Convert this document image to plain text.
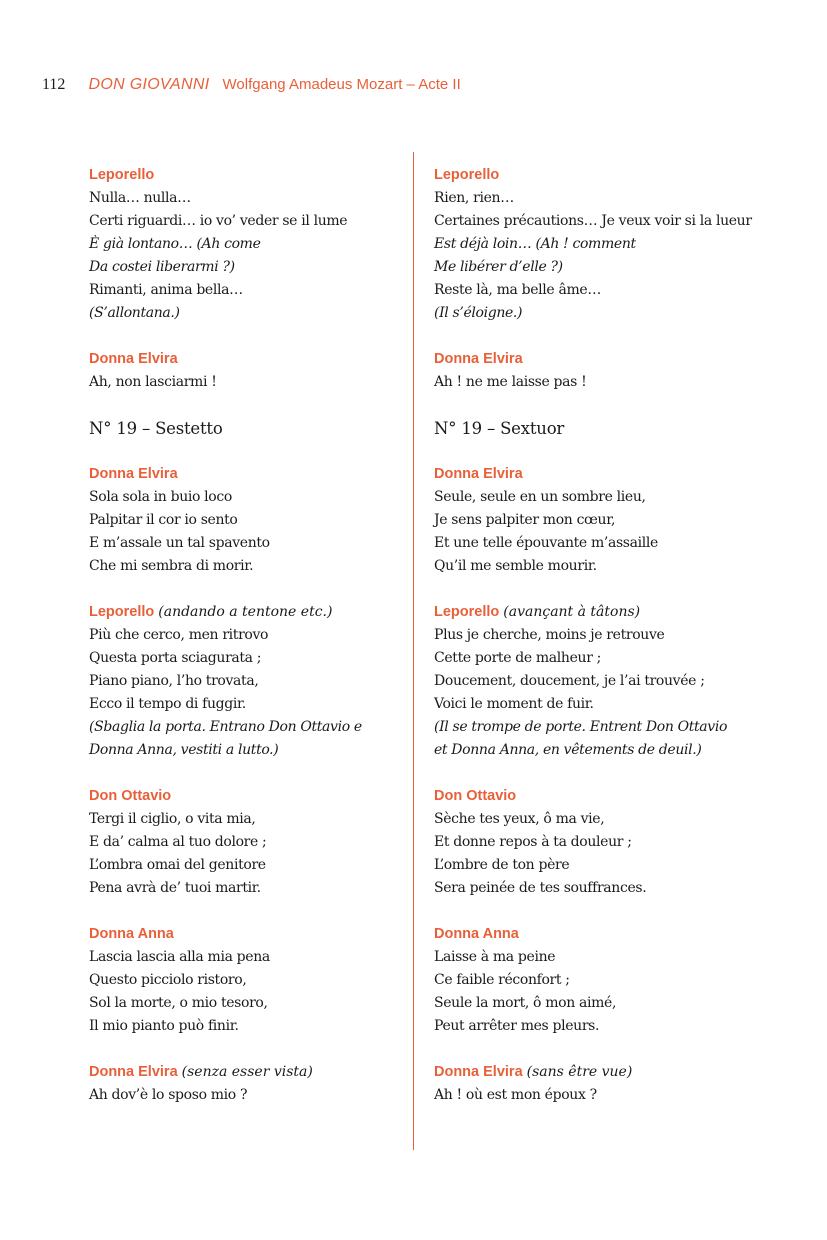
112 DON GIOVANNI Wolfgang Amadeus Mozart – Acte II
Leporello
Nulla… nulla…
Certi riguardi… io vo’ veder se il lume
È già lontano… (Ah come
Da costei liberarmi ?)
Rimanti, anima bella…
(S’allontana.)
Donna Elvira
Ah, non lasciarmi !
N° 19 – Sestetto
Donna Elvira
Sola sola in buio loco
Palpitar il cor io sento
E m’assale un tal spavento
Che mi sembra di morir.
Leporello (andando a tentone etc.)
Più che cerco, men ritrovo
Questa porta sciagurata ;
Piano piano, l’ho trovata,
Ecco il tempo di fuggir.
(Sbaglia la porta. Entrano Don Ottavio e
Donna Anna, vestiti a lutto.)
Don Ottavio
Tergi il ciglio, o vita mia,
E da’ calma al tuo dolore ;
L’ombra omai del genitore
Pena avrà de’ tuoi martir.
Donna Anna
Lascia lascia alla mia pena
Questo picciolo ristoro,
Sol la morte, o mio tesoro,
Il mio pianto può finir.
Donna Elvira (senza esser vista)
Ah dov’è lo sposo mio ?
Leporello
Rien, rien…
Certaines précautions… Je veux voir si la lueur
Est déjà loin… (Ah ! comment
Me libérer d’elle ?)
Reste là, ma belle âme…
(Il s’éloigne.)
Donna Elvira
Ah ! ne me laisse pas !
N° 19 – Sextuor
Donna Elvira
Seule, seule en un sombre lieu,
Je sens palpiter mon cœur,
Et une telle épouvante m’assaille
Qu’il me semble mourir.
Leporello (avançant à tâtons)
Plus je cherche, moins je retrouve
Cette porte de malheur ;
Doucement, doucement, je l’ai trouvée ;
Voici le moment de fuir.
(Il se trompe de porte. Entrent Don Ottavio
et Donna Anna, en vêtements de deuil.)
Don Ottavio
Sèche tes yeux, ô ma vie,
Et donne repos à ta douleur ;
L’ombre de ton père
Sera peinée de tes souffrances.
Donna Anna
Laisse à ma peine
Ce faible réconfort ;
Seule la mort, ô mon aimé,
Peut arrêter mes pleurs.
Donna Elvira (sans être vue)
Ah ! où est mon époux ?
